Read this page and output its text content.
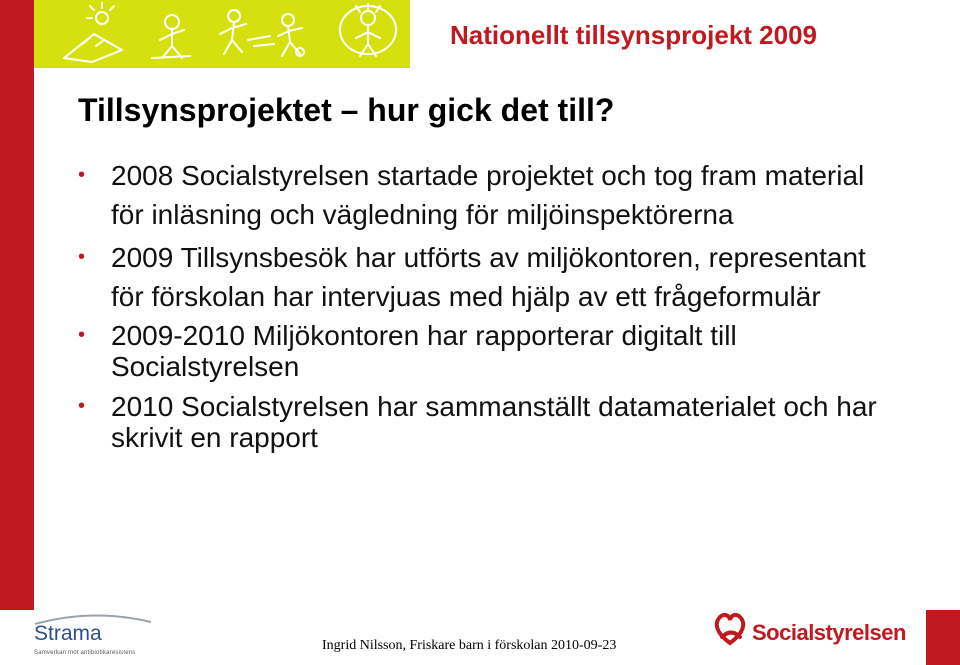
Nationellt tillsynsprojekt 2009
Tillsynsprojektet – hur gick det till?
• 2008 Socialstyrelsen startade projektet och tog fram material för inläsning och vägledning för miljöinspektörerna
• 2009 Tillsynsbesök har utförts av miljökontoren, representant för förskolan har intervjuas med hjälp av ett frågeformulär
• 2009-2010 Miljökontoren har rapporterar digitalt till Socialstyrelsen
• 2010 Socialstyrelsen har sammanställt datamaterialet och har skrivit en rapport
Strama
Samverkan mot antibiotikaresistens	Ingrid Nilsson, Friskare barn i förskolan 2010-09-23
Socialstyrelsen
